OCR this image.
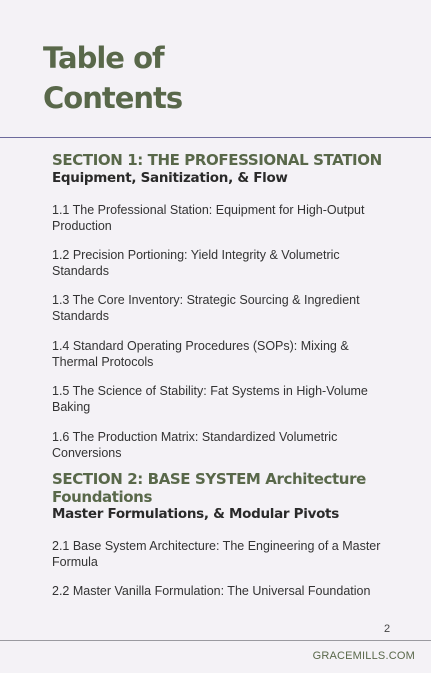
Table of Contents
SECTION 1: THE PROFESSIONAL STATION
Equipment, Sanitization, & Flow

1.1 The Professional Station: Equipment for High-Output Production

1.2 Precision Portioning: Yield Integrity & Volumetric Standards

1.3 The Core Inventory: Strategic Sourcing & Ingredient Standards

1.4 Standard Operating Procedures (SOPs): Mixing & Thermal Protocols

1.5 The Science of Stability: Fat Systems in High-Volume Baking

1.6 The Production Matrix: Standardized Volumetric Conversions

SECTION 2: BASE SYSTEM Architecture Foundations
Master Formulations, & Modular Pivots

2.1 Base System Architecture: The Engineering of a Master Formula

2.2 Master Vanilla Formulation: The Universal Foundation

2
GRACEMILLS.COM
